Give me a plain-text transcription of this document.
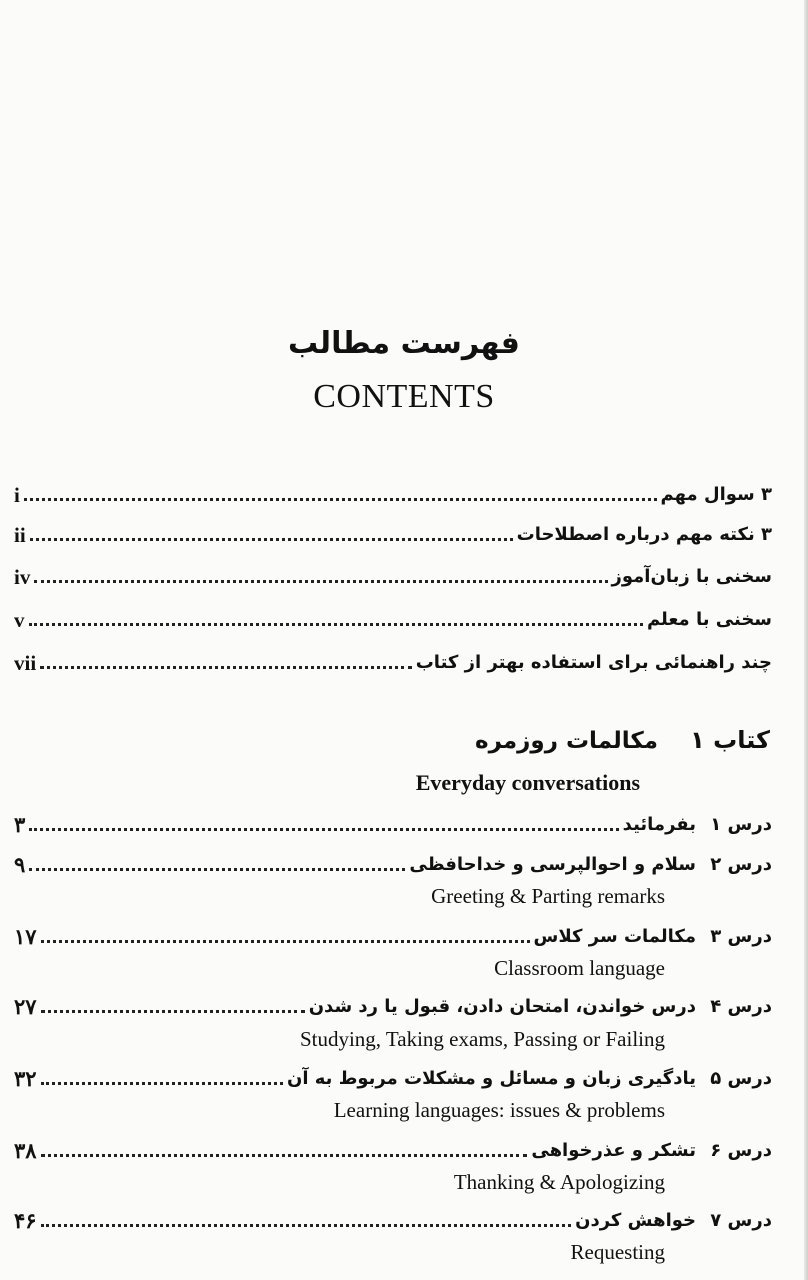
فهرست مطالب
CONTENTS
i	۳ سوال مهم
ii	۳ نکته مهم درباره اصطلاحات
iv	سخنی با زبان‌آموز
v	سخنی با معلم
vii	چند راهنمائی برای استفاده بهتر از کتاب
کتاب ۱
مکالمات روزمره
Everyday conversations
۳	بفرمائید درس ۱
۹	سلام و احوالپرسی و خداحافظی درس ۲
Greeting & Parting remarks
۱۷	مکالمات سر کلاس درس ۳
Classroom language
۲۷	درس خواندن، امتحان دادن، قبول یا رد شدن درس ۴
Studying, Taking exams, Passing or Failing
۳۲	یادگیری زبان و مسائل و مشکلات مربوط به آن درس ۵
Learning languages: issues & problems
۳۸	تشکر و عذرخواهی درس ۶
Thanking & Apologizing
۴۶	خواهش کردن درس ۷
Requesting
